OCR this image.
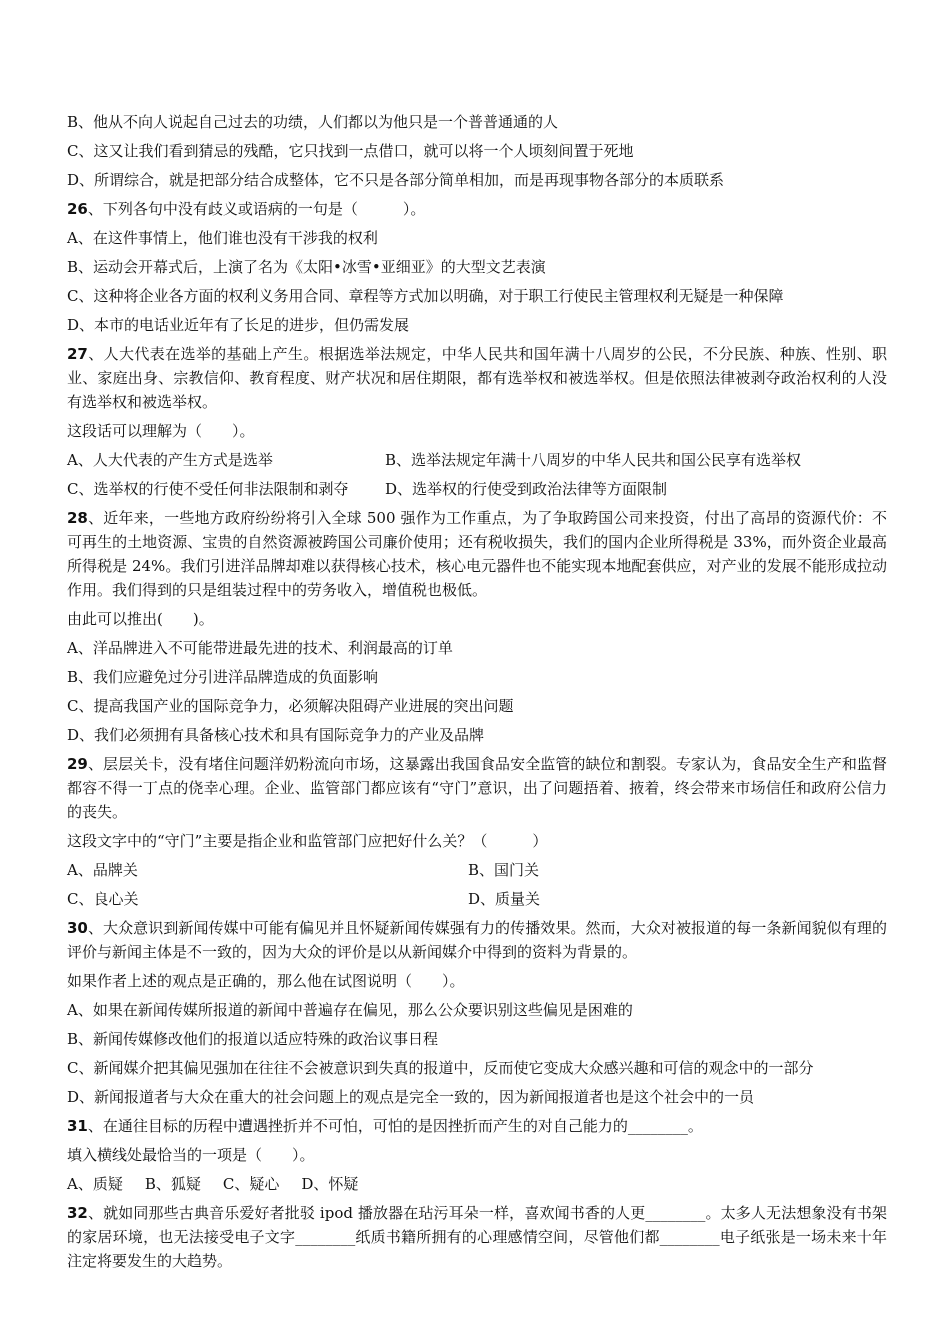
B、他从不向人说起自己过去的功绩，人们都以为他只是一个普普通通的人
C、这又让我们看到猜忌的残酷，它只找到一点借口，就可以将一个人顷刻间置于死地
D、所谓综合，就是把部分结合成整体，它不只是各部分简单相加，而是再现事物各部分的本质联系
26、下列各句中没有歧义或语病的一句是（　　　）。
A、在这件事情上，他们谁也没有干涉我的权利
B、运动会开幕式后，上演了名为《太阳•冰雪•亚细亚》的大型文艺表演
C、这种将企业各方面的权利义务用合同、章程等方式加以明确，对于职工行使民主管理权利无疑是一种保障
D、本市的电话业近年有了长足的进步，但仍需发展
27、人大代表在选举的基础上产生。根据选举法规定，中华人民共和国年满十八周岁的公民，不分民族、种族、性别、职业、家庭出身、宗教信仰、教育程度、财产状况和居住期限，都有选举权和被选举权。但是依照法律被剥夺政治权利的人没有选举权和被选举权。
这段话可以理解为（　　）。
A、人大代表的产生方式是选举	B、选举法规定年满十八周岁的中华人民共和国公民享有选举权
C、选举权的行使不受任何非法限制和剥夺	D、选举权的行使受到政治法律等方面限制
28、近年来，一些地方政府纷纷将引入全球 500 强作为工作重点，为了争取跨国公司来投资，付出了高昂的资源代价：不可再生的土地资源、宝贵的自然资源被跨国公司廉价使用；还有税收损失，我们的国内企业所得税是 33%，而外资企业最高所得税是 24%。我们引进洋品牌却难以获得核心技术，核心电元器件也不能实现本地配套供应，对产业的发展不能形成拉动作用。我们得到的只是组装过程中的劳务收入，增值税也极低。
由此可以推出(　　)。
A、洋品牌进入不可能带进最先进的技术、利润最高的订单
B、我们应避免过分引进洋品牌造成的负面影响
C、提高我国产业的国际竞争力，必须解决阻碍产业进展的突出问题
D、我们必须拥有具备核心技术和具有国际竞争力的产业及品牌
29、层层关卡，没有堵住问题洋奶粉流向市场，这暴露出我国食品安全监管的缺位和割裂。专家认为，食品安全生产和监督都容不得一丁点的侥幸心理。企业、监管部门都应该有“守门”意识，出了问题捂着、掖着，终会带来市场信任和政府公信力的丧失。
这段文字中的“守门”主要是指企业和监管部门应把好什么关？（　　　）
A、品牌关	B、国门关
C、良心关	D、质量关
30、大众意识到新闻传媒中可能有偏见并且怀疑新闻传媒强有力的传播效果。然而，大众对被报道的每一条新闻貌似有理的评价与新闻主体是不一致的，因为大众的评价是以从新闻媒介中得到的资料为背景的。
如果作者上述的观点是正确的，那么他在试图说明（　　）。
A、如果在新闻传媒所报道的新闻中普遍存在偏见，那么公众要识别这些偏见是困难的
B、新闻传媒修改他们的报道以适应特殊的政治议事日程
C、新闻媒介把其偏见强加在往往不会被意识到失真的报道中，反而使它变成大众感兴趣和可信的观念中的一部分
D、新闻报道者与大众在重大的社会问题上的观点是完全一致的，因为新闻报道者也是这个社会中的一员
31、在通往目标的历程中遭遇挫折并不可怕，可怕的是因挫折而产生的对自己能力的________。
填入横线处最恰当的一项是（　　）。
A、质疑 B、狐疑 C、疑心 D、怀疑
32、就如同那些古典音乐爱好者批驳 ipod 播放器在玷污耳朵一样，喜欢闻书香的人更________。太多人无法想象没有书架的家居环境，也无法接受电子文字________纸质书籍所拥有的心理感情空间，尽管他们都________电子纸张是一场未来十年注定将要发生的大趋势。
